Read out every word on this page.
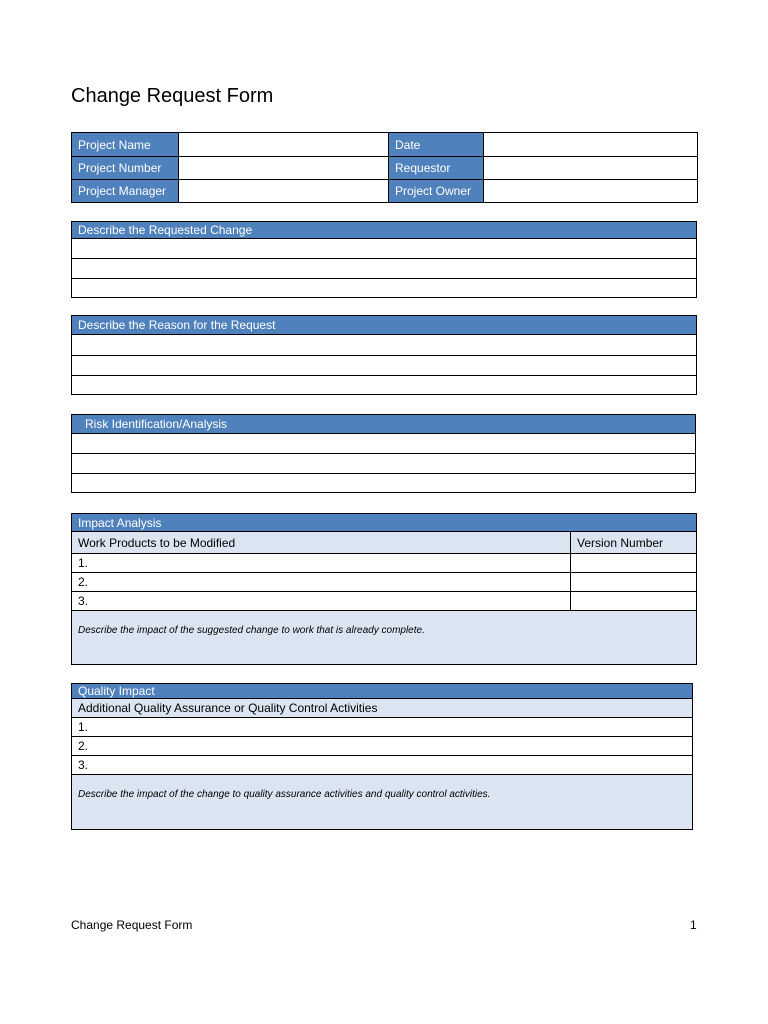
Change Request Form
Project Name		Date	
Project Number		Requestor	
Project Manager		Project Owner	
Describe the Requested Change

Describe the Reason for the Request

Risk Identification/Analysis

Impact Analysis	
Work Products to be Modified	Version Number
1.	
2.	
3.	
Describe the impact of the suggested change to work that is already complete.	
Quality Impact
Additional Quality Assurance or Quality Control Activities
1.
2.
3.
Describe the impact of the change to quality assurance activities and quality control activities.
Change Request Form	1
